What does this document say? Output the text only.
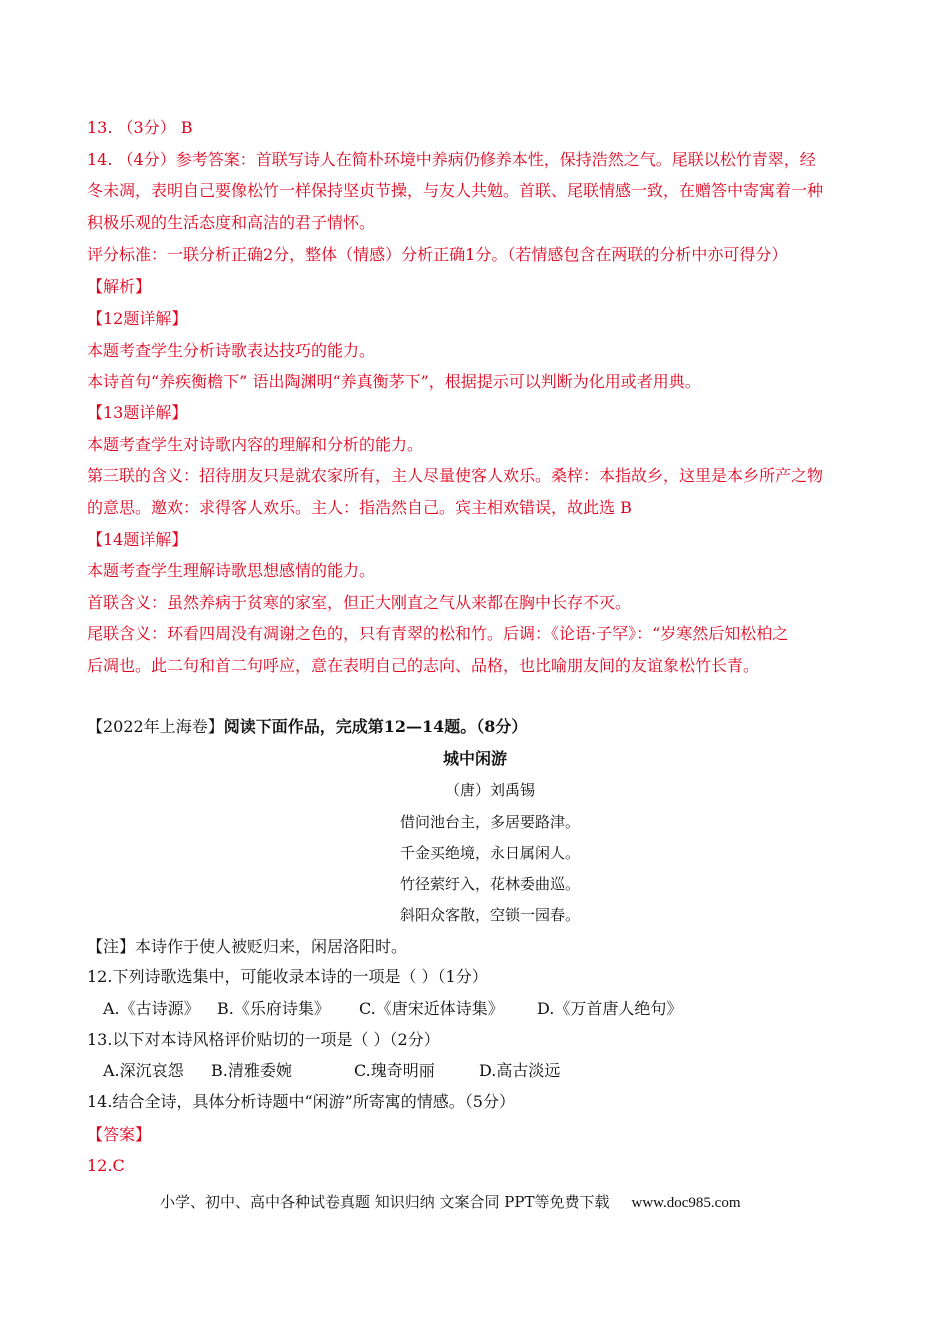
13. （3分） B
14. （4分）参考答案：首联写诗人在简朴环境中养病仍修养本性，保持浩然之气。尾联以松竹青翠，经
冬未凋，表明自己要像松竹一样保持坚贞节操，与友人共勉。首联、尾联情感一致，在赠答中寄寓着一种
积极乐观的生活态度和高洁的君子情怀。
评分标准：一联分析正确2分，整体（情感）分析正确1分。（若情感包含在两联的分析中亦可得分）
【解析】
【12题详解】
本题考查学生分析诗歌表达技巧的能力。
本诗首句“养疾衡檐下” 语出陶渊明“养真衡茅下”，根据提示可以判断为化用或者用典。
【13题详解】
本题考查学生对诗歌内容的理解和分析的能力。
第三联的含义：招待朋友只是就农家所有，主人尽量使客人欢乐。桑梓：本指故乡，这里是本乡所产之物
的意思。邀欢：求得客人欢乐。主人：指浩然自己。宾主相欢错误，故此选 B
【14题详解】
本题考查学生理解诗歌思想感情的能力。
首联含义：虽然养病于贫寒的家室，但正大刚直之气从来都在胸中长存不灭。
尾联含义：环看四周没有凋谢之色的，只有青翠的松和竹。后调：《论语·子罕》：“岁寒然后知松柏之
后凋也。此二句和首二句呼应，意在表明自己的志向、品格，也比喻朋友间的友谊象松竹长青。
【2022年上海卷】阅读下面作品，完成第12—14题。（8分）
城中闲游
（唐）刘禹锡
借问池台主，多居要路津。
千金买绝境，永日属闲人。
竹径萦纡入，花林委曲巡。
斜阳众客散，空锁一园春。
【注】本诗作于使人被贬归来，闲居洛阳时。
12.下列诗歌选集中，可能收录本诗的一项是（ ）（1分）
A.《古诗源》 B.《乐府诗集》 C.《唐宋近体诗集》 D.《万首唐人绝句》
13.以下对本诗风格评价贴切的一项是（ ）（2分）
A.深沉哀怨 B.清雅委婉	C.瑰奇明丽	D.高古淡远
14.结合全诗，具体分析诗题中“闲游”所寄寓的情感。（5分）
【答案】
12.C
小学、初中、高中各种试卷真题 知识归纳 文案合同 PPT等免费下载 www.doc985.com
